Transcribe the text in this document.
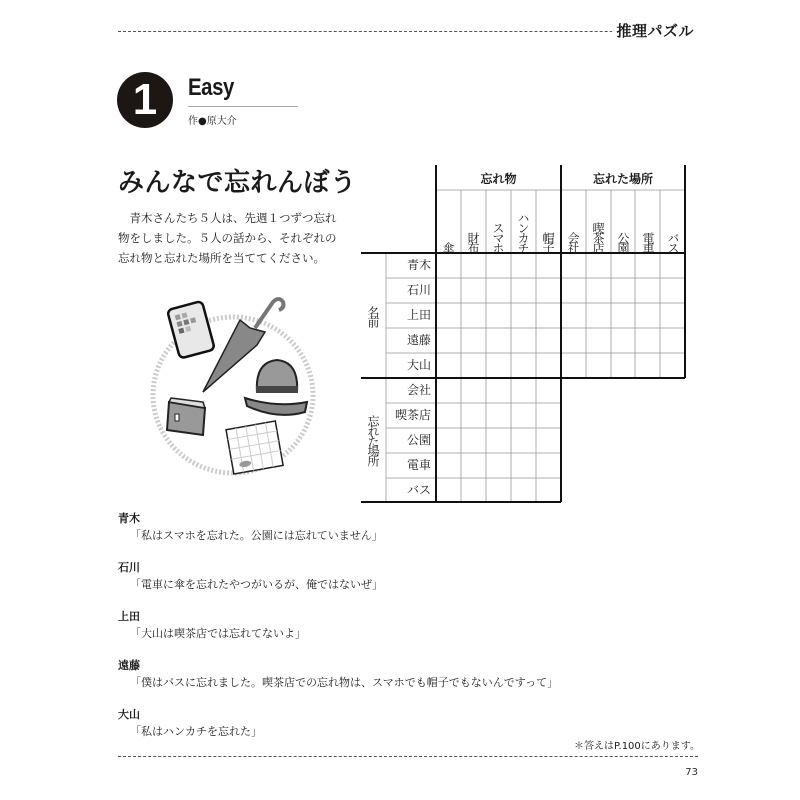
推理パズル
1	Easy
作●原大介
みんなで忘れんぼう
青木さんたち５人は、先週１つずつ忘れ物をしました。５人の話から、それぞれの忘れ物と忘れた場所を当ててください。
忘れ物	忘れた場所
傘 財布 スマホ ハンカチ 帽子 会社 喫茶店 公園 電車 バス
名前
忘れた場所
青木
石川
上田
遠藤
大山
会社
喫茶店
公園
電車
バス
青木
「私はスマホを忘れた。公園には忘れていません」
石川
「電車に傘を忘れたやつがいるが、俺ではないぜ」
上田
「大山は喫茶店では忘れてないよ」
遠藤
「僕はバスに忘れました。喫茶店での忘れ物は、スマホでも帽子でもないんですって」
大山
「私はハンカチを忘れた」
＊答えはP.100にあります。
73
